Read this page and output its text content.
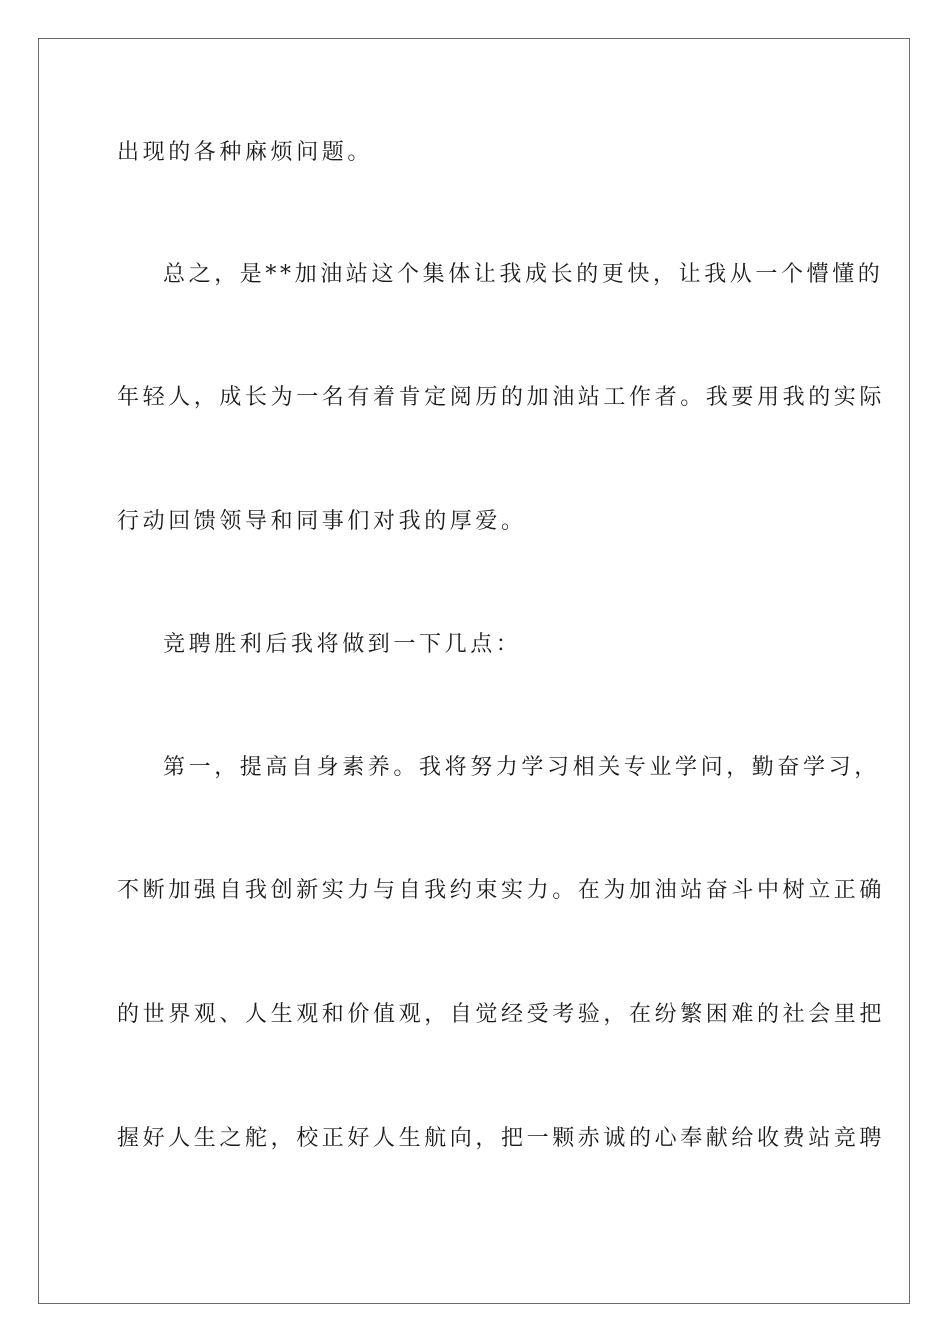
出现的各种麻烦问题。
总之，是**加油站这个集体让我成长的更快，让我从一个懵懂的
年轻人，成长为一名有着肯定阅历的加油站工作者。我要用我的实际
行动回馈领导和同事们对我的厚爱。
竞聘胜利后我将做到一下几点：
第一，提高自身素养。我将努力学习相关专业学问，勤奋学习，
不断加强自我创新实力与自我约束实力。在为加油站奋斗中树立正确
的世界观、人生观和价值观，自觉经受考验，在纷繁困难的社会里把
握好人生之舵，校正好人生航向，把一颗赤诚的心奉献给收费站竞聘
